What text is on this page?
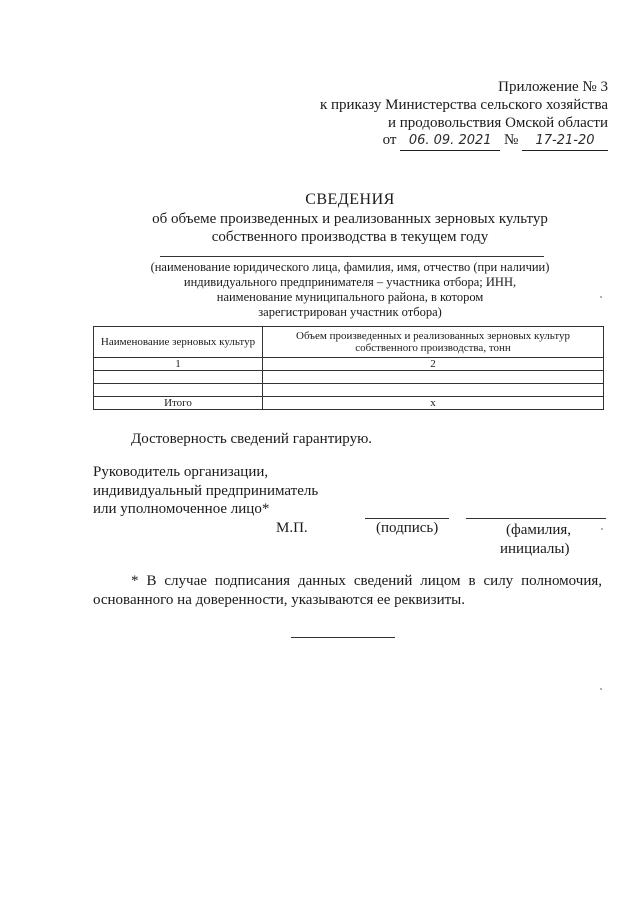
Приложение № 3
к приказу Министерства сельского хозяйства
и продовольствия Омской области
от 06. 09. 2021 № 17-21-20
СВЕДЕНИЯ
об объеме произведенных и реализованных зерновых культур
собственного производства в текущем году
(наименование юридического лица, фамилия, имя, отчество (при наличии)
индивидуального предпринимателя – участника отбора; ИНН,
наименование муниципального района, в котором
зарегистрирован участник отбора)
Наименование зерновых культур	Объем произведенных и реализованных зерновых культур собственного производства, тонн
1	2

Итого	х
Достоверность сведений гарантирую.
Руководитель организации,
индивидуальный предприниматель
или уполномоченное лицо*
М.П.	(подпись)	(фамилия,
инициалы)
* В случае подписания данных сведений лицом в силу полномочия,
основанного на доверенности, указываются ее реквизиты.
